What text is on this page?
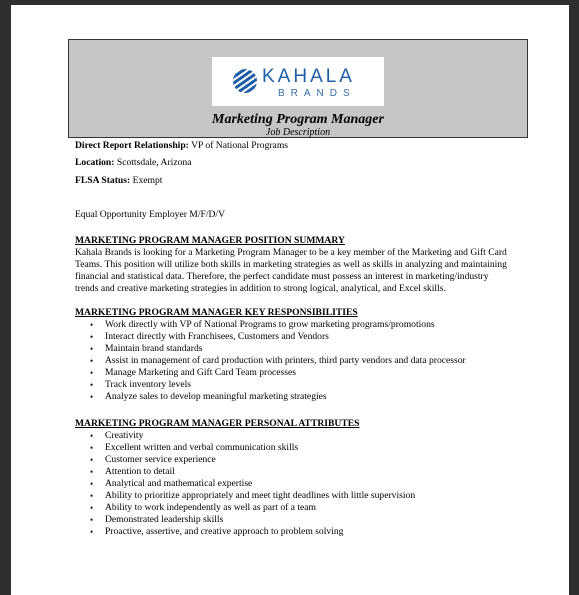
KAHALA
BRANDS
Marketing Program Manager
Job Description
Direct Report Relationship: VP of National Programs
Location: Scottsdale, Arizona
FLSA Status: Exempt
Equal Opportunity Employer M/F/D/V
MARKETING PROGRAM MANAGER POSITION SUMMARY
Kahala Brands is looking for a Marketing Program Manager to be a key member of the Marketing and Gift Card
Teams. This position will utilize both skills in marketing strategies as well as skills in analyzing and maintaining
financial and statistical data. Therefore, the perfect candidate must possess an interest in marketing/industry
trends and creative marketing strategies in addition to strong logical, analytical, and Excel skills.
MARKETING PROGRAM MANAGER KEY RESPONSIBILITIES
• Work directly with VP of National Programs to grow marketing programs/promotions
• Interact directly with Franchisees, Customers and Vendors
• Maintain brand standards
• Assist in management of card production with printers, third party vendors and data processor
• Manage Marketing and Gift Card Team processes
• Track inventory levels
• Analyze sales to develop meaningful marketing strategies
MARKETING PROGRAM MANAGER PERSONAL ATTRIBUTES
• Creativity
• Excellent written and verbal communication skills
• Customer service experience
• Attention to detail
• Analytical and mathematical expertise
• Ability to prioritize appropriately and meet tight deadlines with little supervision
• Ability to work independently as well as part of a team
• Demonstrated leadership skills
• Proactive, assertive, and creative approach to problem solving
